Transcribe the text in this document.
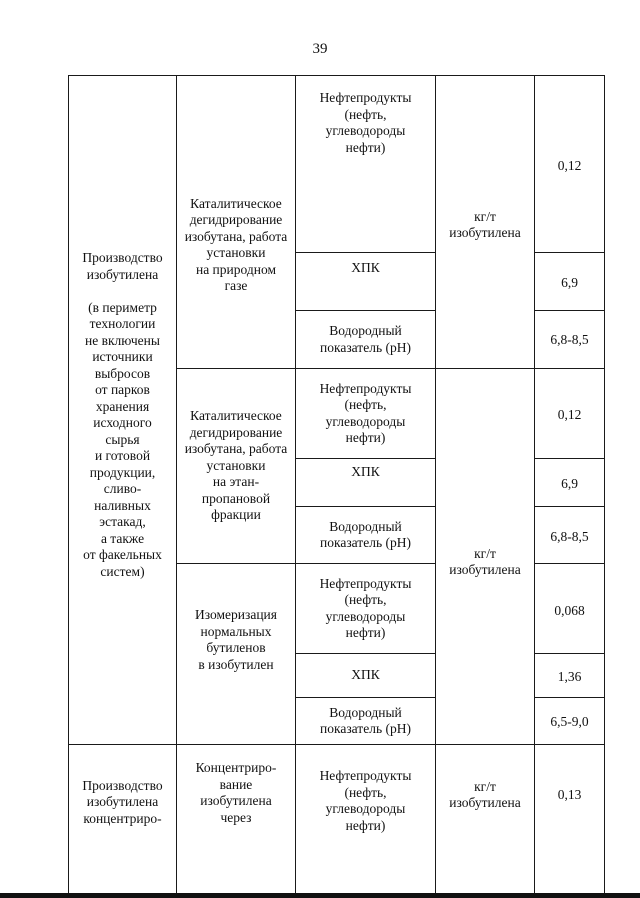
39
Производство
изобутилена

(в периметр
технологии
не включены
источники
выбросов
от парков
хранения
исходного
сырья
и готовой
продукции,
сливо-
наливных
эстакад,
а также
от факельных
систем)
Каталитическое
дегидрирование
изобутана, работа
установки
на природном
газе
Каталитическое
дегидрирование
изобутана, работа
установки
на этан-
пропановой
фракции
Изомеризация
нормальных
бутиленов
в изобутилен
Нефтепродукты
(нефть,
углеводороды
нефти)
ХПК
Водородный
показатель (pH)
Нефтепродукты
(нефть,
углеводороды
нефти)
ХПК
Водородный
показатель (pH)
Нефтепродукты
(нефть,
углеводороды
нефти)
ХПК
Водородный
показатель (pH)
кг/т
изобутилена
кг/т
изобутилена
0,12
6,9
6,8-8,5
0,12
6,9
6,8-8,5
0,068
1,36
6,5-9,0
Производство
изобутилена
концентриро-
Концентриро-
вание
изобутилена
через
Нефтепродукты
(нефть,
углеводороды
нефти)
кг/т
изобутилена
0,13
